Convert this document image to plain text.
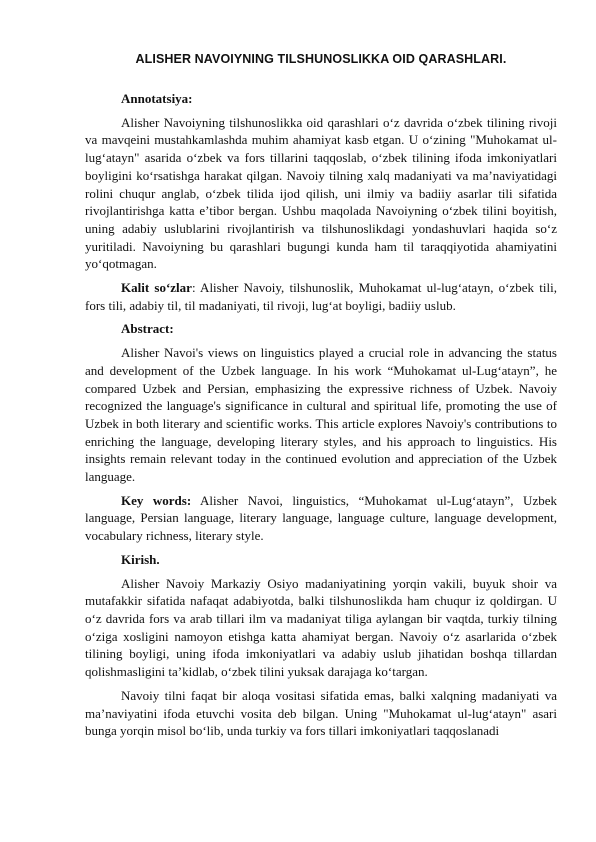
ALISHER NAVOIYNING TILSHUNOSLIKKA OID QARASHLARI.
Annotatsiya:
Alisher Navoiyning tilshunoslikka oid qarashlari o‘z davrida o‘zbek tilining rivoji va mavqeini mustahkamlashda muhim ahamiyat kasb etgan. U o‘zining "Muhokamat ul-lug‘atayn" asarida o‘zbek va fors tillarini taqqoslab, o‘zbek tilining ifoda imkoniyatlari boyligini ko‘rsatishga harakat qilgan. Navoiy tilning xalq madaniyati va ma’naviyatidagi rolini chuqur anglab, o‘zbek tilida ijod qilish, uni ilmiy va badiiy asarlar tili sifatida rivojlantirishga katta e’tibor bergan. Ushbu maqolada Navoiyning o‘zbek tilini boyitish, uning adabiy uslublarini rivojlantirish va tilshunoslikdagi yondashuvlari haqida so‘z yuritiladi. Navoiyning bu qarashlari bugungi kunda ham til taraqqiyotida ahamiyatini yo‘qotmagan.
Kalit so‘zlar: Alisher Navoiy, tilshunoslik, Muhokamat ul-lug‘atayn, o‘zbek tili, fors tili, adabiy til, til madaniyati, til rivoji, lug‘at boyligi, badiiy uslub.
Abstract:
Alisher Navoi's views on linguistics played a crucial role in advancing the status and development of the Uzbek language. In his work “Muhokamat ul-Lug‘atayn”, he compared Uzbek and Persian, emphasizing the expressive richness of Uzbek. Navoiy recognized the language's significance in cultural and spiritual life, promoting the use of Uzbek in both literary and scientific works. This article explores Navoiy's contributions to enriching the language, developing literary styles, and his approach to linguistics. His insights remain relevant today in the continued evolution and appreciation of the Uzbek language.
Key words: Alisher Navoi, linguistics, “Muhokamat ul-Lug‘atayn”, Uzbek language, Persian language, literary language, language culture, language development, vocabulary richness, literary style.
Kirish.
Alisher Navoiy Markaziy Osiyo madaniyatining yorqin vakili, buyuk shoir va mutafakkir sifatida nafaqat adabiyotda, balki tilshunoslikda ham chuqur iz qoldirgan. U o‘z davrida fors va arab tillari ilm va madaniyat tiliga aylangan bir vaqtda, turkiy tilning o‘ziga xosligini namoyon etishga katta ahamiyat bergan. Navoiy o‘z asarlarida o‘zbek tilining boyligi, uning ifoda imkoniyatlari va adabiy uslub jihatidan boshqa tillardan qolishmasligini ta’kidlab, o‘zbek tilini yuksak darajaga ko‘targan.
Navoiy tilni faqat bir aloqa vositasi sifatida emas, balki xalqning madaniyati va ma’naviyatini ifoda etuvchi vosita deb bilgan. Uning "Muhokamat ul-lug‘atayn" asari bunga yorqin misol bo‘lib, unda turkiy va fors tillari imkoniyatlari taqqoslanadi
